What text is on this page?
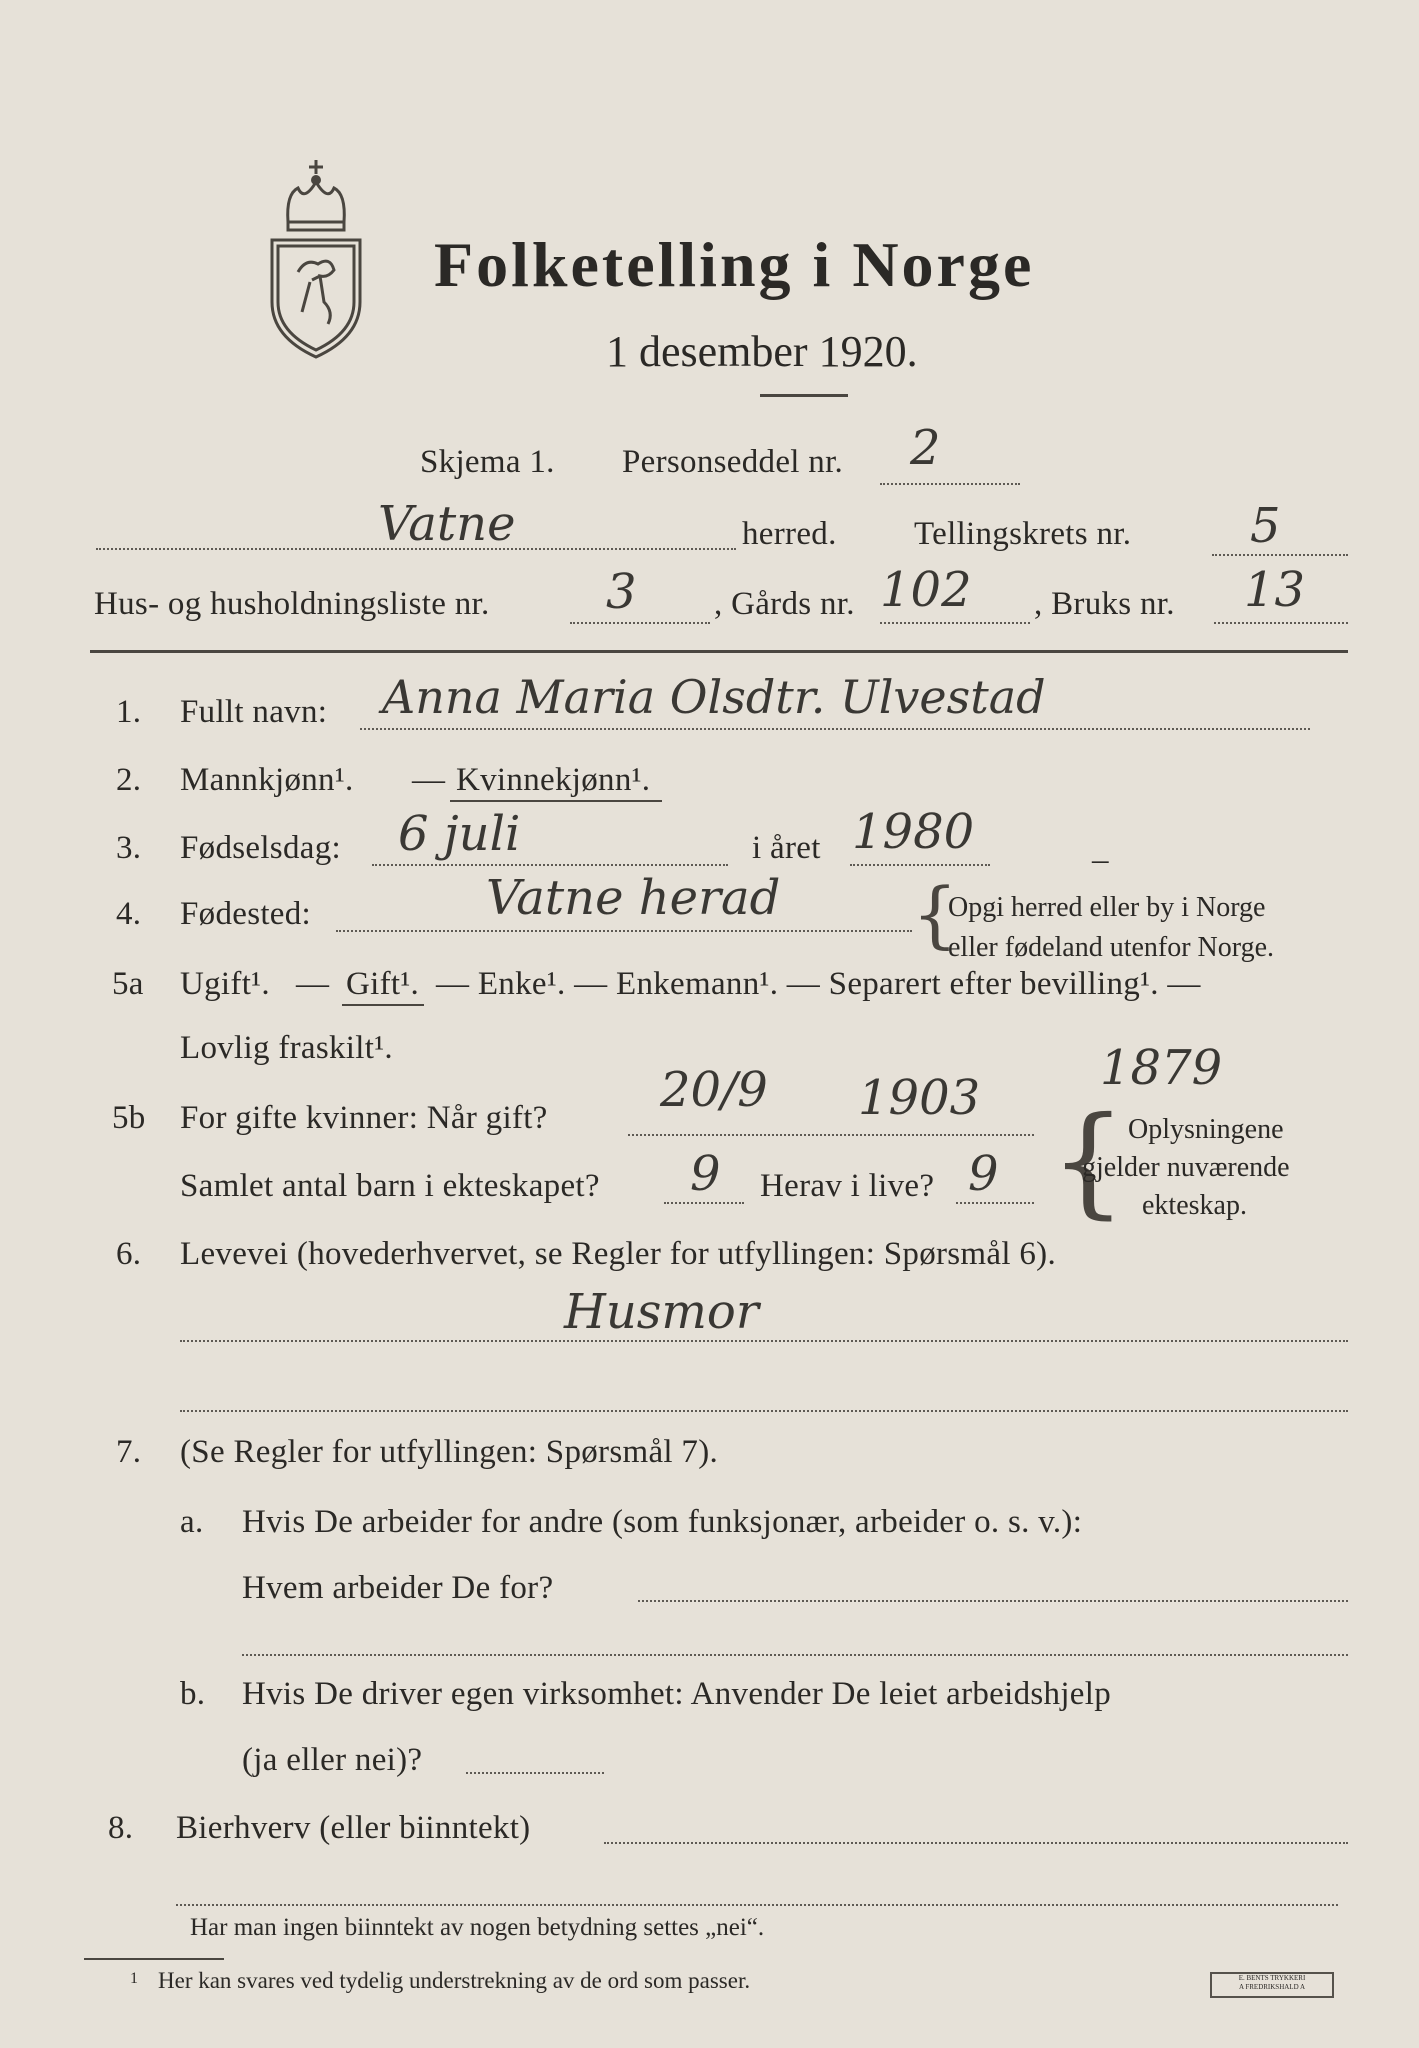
Folketelling i Norge
1 desember 1920.
Skjema 1. Personseddel nr. 2
Vatne	herred. Tellingskrets nr. 5
Hus- og husholdningsliste nr. 3 , Gårds nr. 102 , Bruks nr. 13
1. Fullt navn: Anna Maria Olsdtr. Ulvestad
2. Mannkjønn¹. — Kvinnekjønn¹.
3. Fødselsdag: 6 juli	i året 1980	–
4. Fødested:	Vatne herad {
Opgi herred eller by i Norge
eller fødeland utenfor Norge.
5a Ugift¹. — Gift¹. — Enke¹. — Enkemann¹. — Separert efter bevilling¹. —
Lovlig fraskilt¹.
5b For gifte kvinner: Når gift? 20/9 1903
1879
Samlet antal barn i ekteskapet? 9 Herav i live? 9 { Oplysningene
gjelder nuværende
ekteskap.
6. Levevei (hovederhvervet, se Regler for utfyllingen: Spørsmål 6).
Husmor
7. (Se Regler for utfyllingen: Spørsmål 7).
a. Hvis De arbeider for andre (som funksjonær, arbeider o. s. v.):
Hvem arbeider De for?
b. Hvis De driver egen virksomhet: Anvender De leiet arbeidshjelp
(ja eller nei)?
8. Bierhverv (eller biinntekt)
Har man ingen biinntekt av nogen betydning settes „nei“.
1 Her kan svares ved tydelig understrekning av de ord som passer.	E. BENTS TRYKKERI
A FREDRIKSHALD A
